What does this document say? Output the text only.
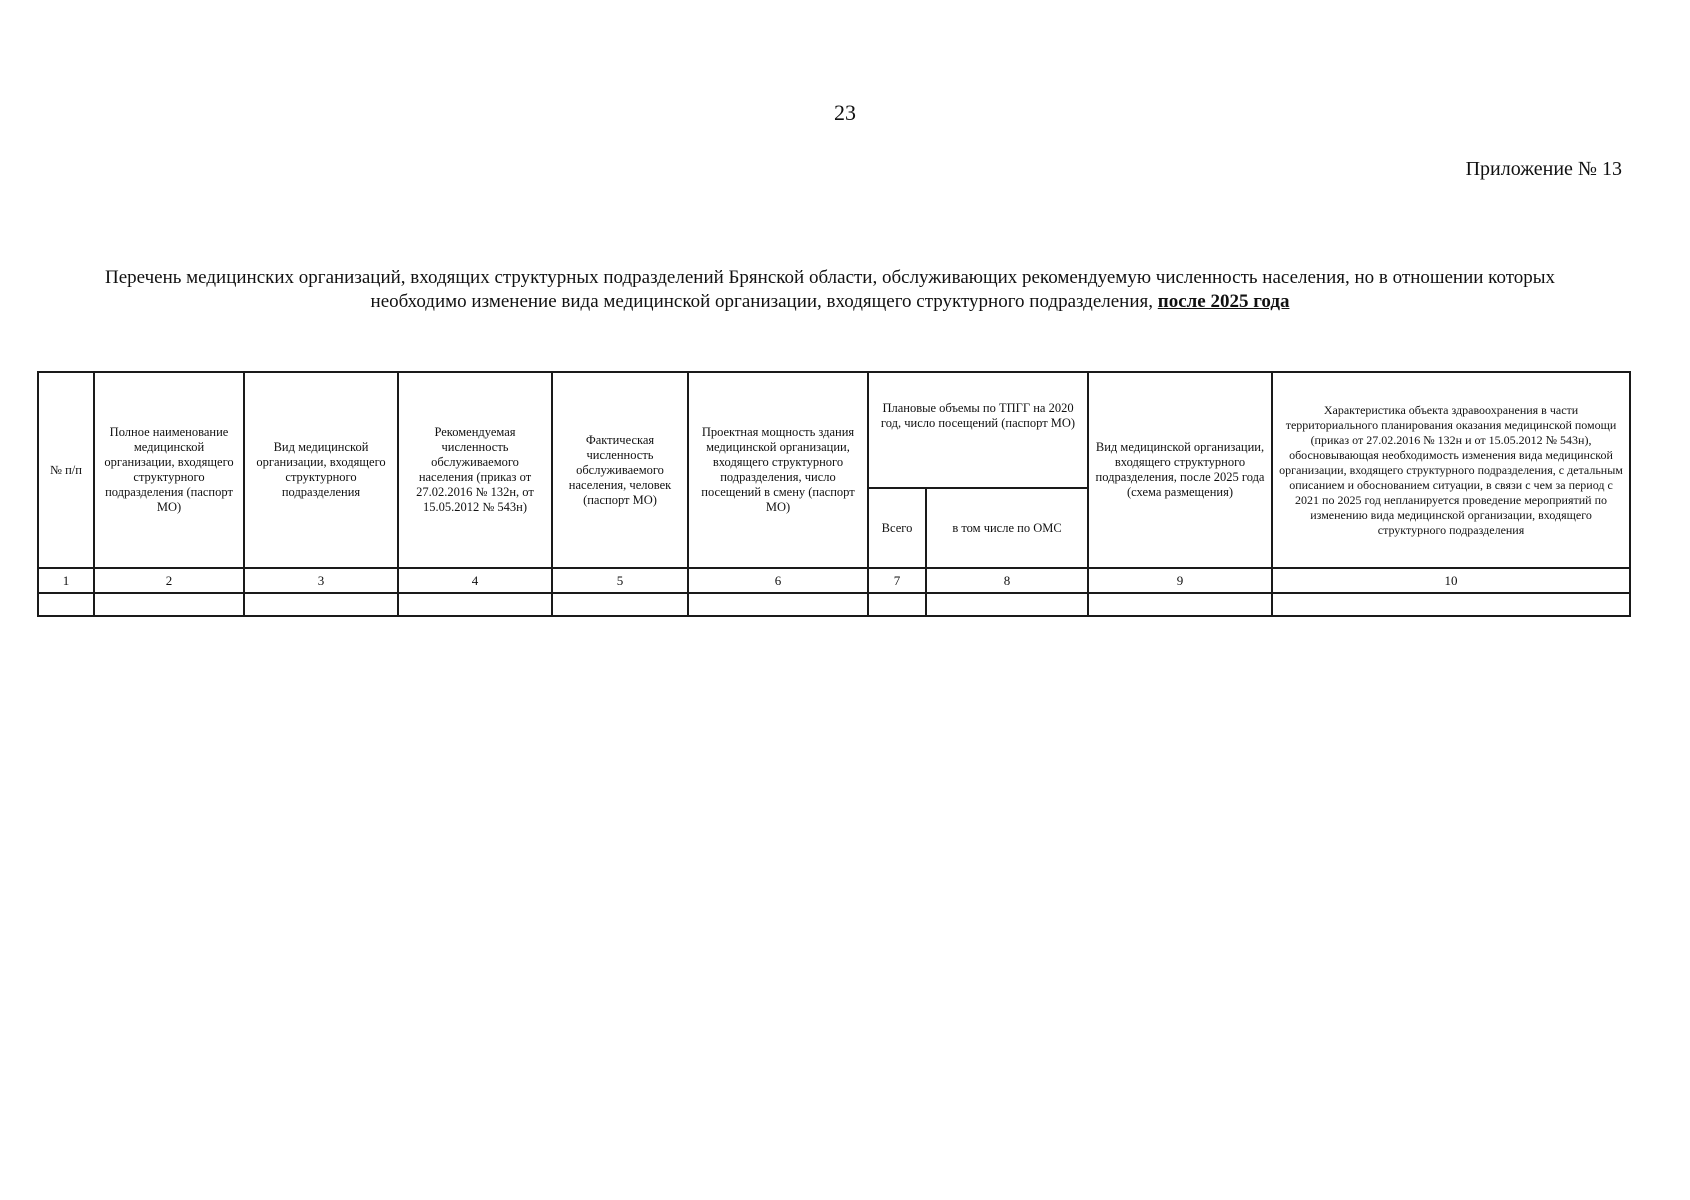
23
Приложение № 13
Перечень медицинских организаций, входящих структурных подразделений Брянской области, обслуживающих рекомендуемую численность населения, но в отношении которых необходимо изменение вида медицинской организации, входящего структурного подразделения, после 2025 года
№ п/п	Полное наименование медицинской организации, входящего структурного подразделения (паспорт МО)	Вид медицинской организации, входящего структурного подразделения	Рекомендуемая численность обслуживаемого населения (приказ от 27.02.2016 № 132н, от 15.05.2012 № 543н)	Фактическая численность обслуживаемого населения, человек (паспорт МО)	Проектная мощность здания медицинской организации, входящего структурного подразделения, число посещений в смену (паспорт МО)	Плановые объемы по ТПГГ на 2020 год, число посещений (паспорт МО)		Вид медицинской организации, входящего структурного подразделения, после 2025 года (схема размещения)	Характеристика объекта здравоохранения в части территориального планирования оказания медицинской помощи (приказ от 27.02.2016 № 132н и от 15.05.2012 № 543н), обосновывающая необходимость изменения вида медицинской организации, входящего структурного подразделения, с детальным описанием и обоснованием ситуации, в связи с чем за период с 2021 по 2025 год непланируется проведение мероприятий по изменению вида медицинской организации, входящего структурного подразделения
						Всего	в том числе по ОМС		
1	2	3	4	5	6	7	8	9	10
